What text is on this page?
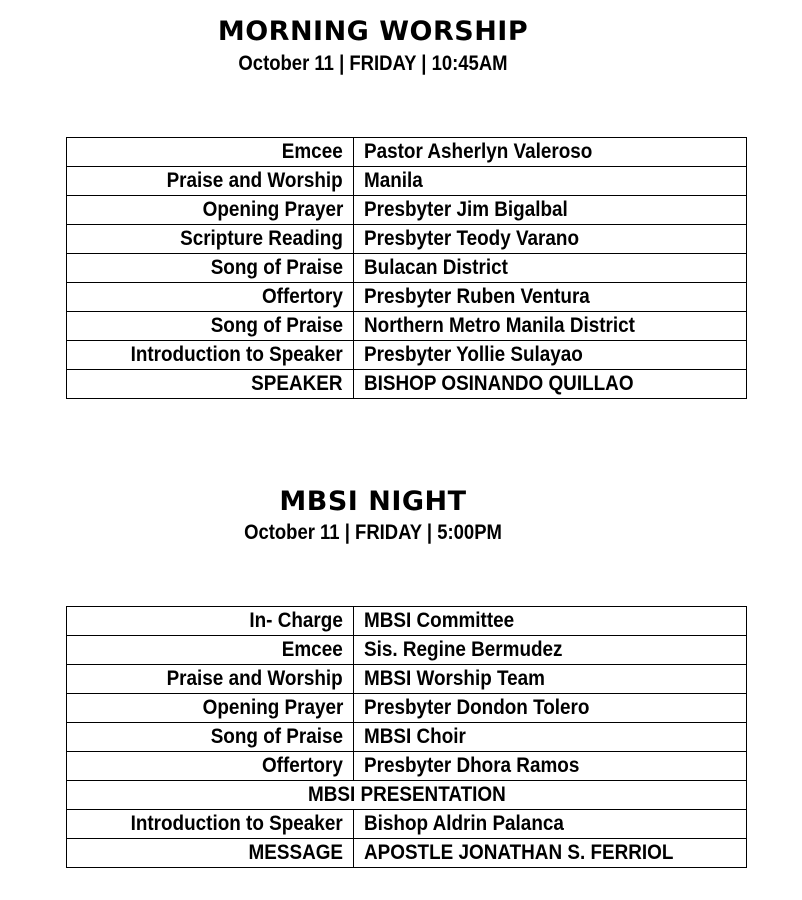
MORNING WORSHIP
October 11 | FRIDAY | 10:45AM
Emcee	Pastor Asherlyn Valeroso
Praise and Worship	Manila
Opening Prayer	Presbyter Jim Bigalbal
Scripture Reading	Presbyter Teody Varano
Song of Praise	Bulacan District
Offertory	Presbyter Ruben Ventura
Song of Praise	Northern Metro Manila District
Introduction to Speaker	Presbyter Yollie Sulayao
SPEAKER	BISHOP OSINANDO QUILLAO
MBSI NIGHT
October 11 | FRIDAY | 5:00PM
In- Charge	MBSI Committee
Emcee	Sis. Regine Bermudez
Praise and Worship	MBSI Worship Team
Opening Prayer	Presbyter Dondon Tolero
Song of Praise	MBSI Choir
Offertory	Presbyter Dhora Ramos
MBSI PRESENTATION	
Introduction to Speaker	Bishop Aldrin Palanca
MESSAGE	APOSTLE JONATHAN S. FERRIOL
